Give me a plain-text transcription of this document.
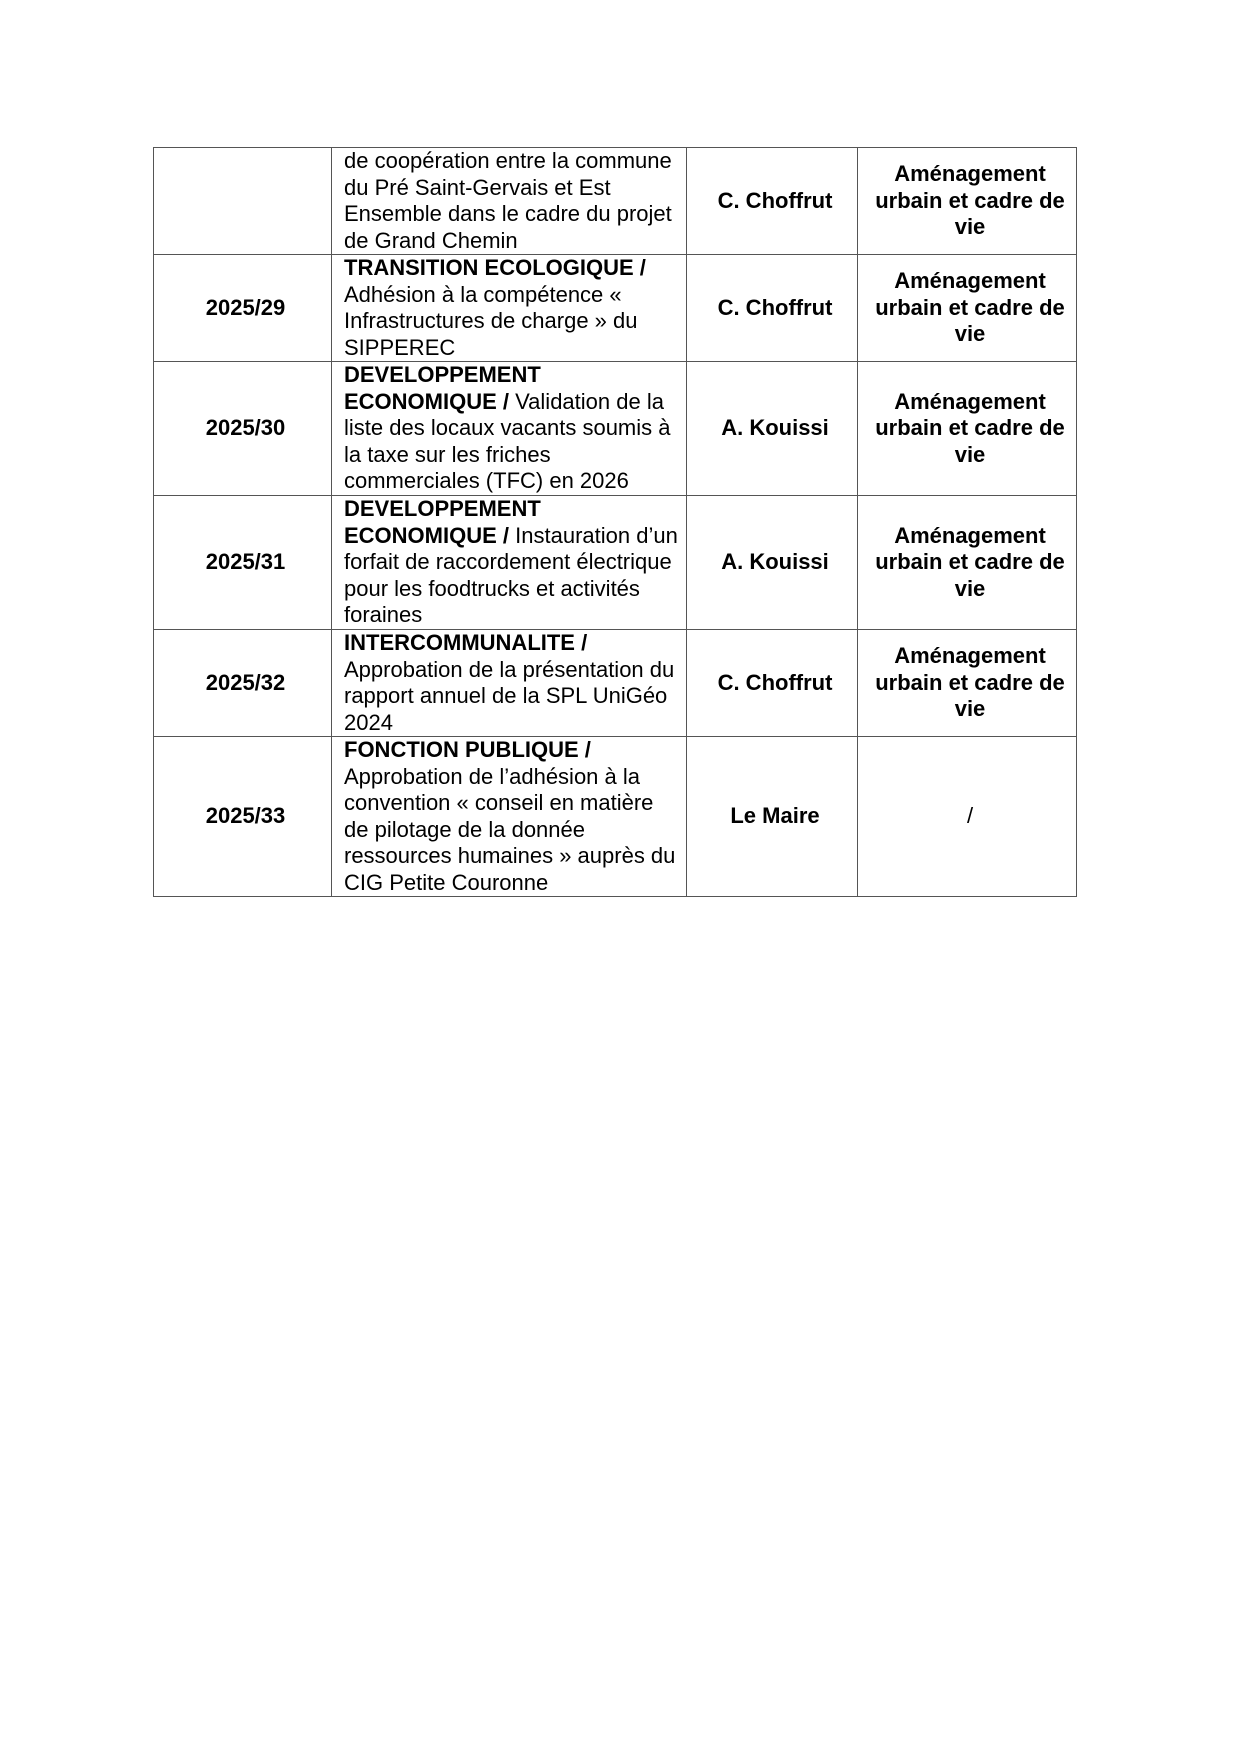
	de coopération entre la commune du Pré Saint-Gervais et Est Ensemble dans le cadre du projet de Grand Chemin	C. Choffrut	Aménagement urbain et cadre de vie
2025/29	TRANSITION ECOLOGIQUE / Adhésion à la compétence « Infrastructures de charge » du SIPPEREC	C. Choffrut	Aménagement urbain et cadre de vie
2025/30	DEVELOPPEMENT ECONOMIQUE / Validation de la liste des locaux vacants soumis à la taxe sur les friches commerciales (TFC) en 2026	A. Kouissi	Aménagement urbain et cadre de vie
2025/31	DEVELOPPEMENT ECONOMIQUE / Instauration d’un forfait de raccordement électrique pour les foodtrucks et activités foraines	A. Kouissi	Aménagement urbain et cadre de vie
2025/32	INTERCOMMUNALITE / Approbation de la présentation du rapport annuel de la SPL UniGéo 2024	C. Choffrut	Aménagement urbain et cadre de vie
2025/33	FONCTION PUBLIQUE / Approbation de l’adhésion à la convention « conseil en matière de pilotage de la donnée ressources humaines » auprès du CIG Petite Couronne	Le Maire	/
